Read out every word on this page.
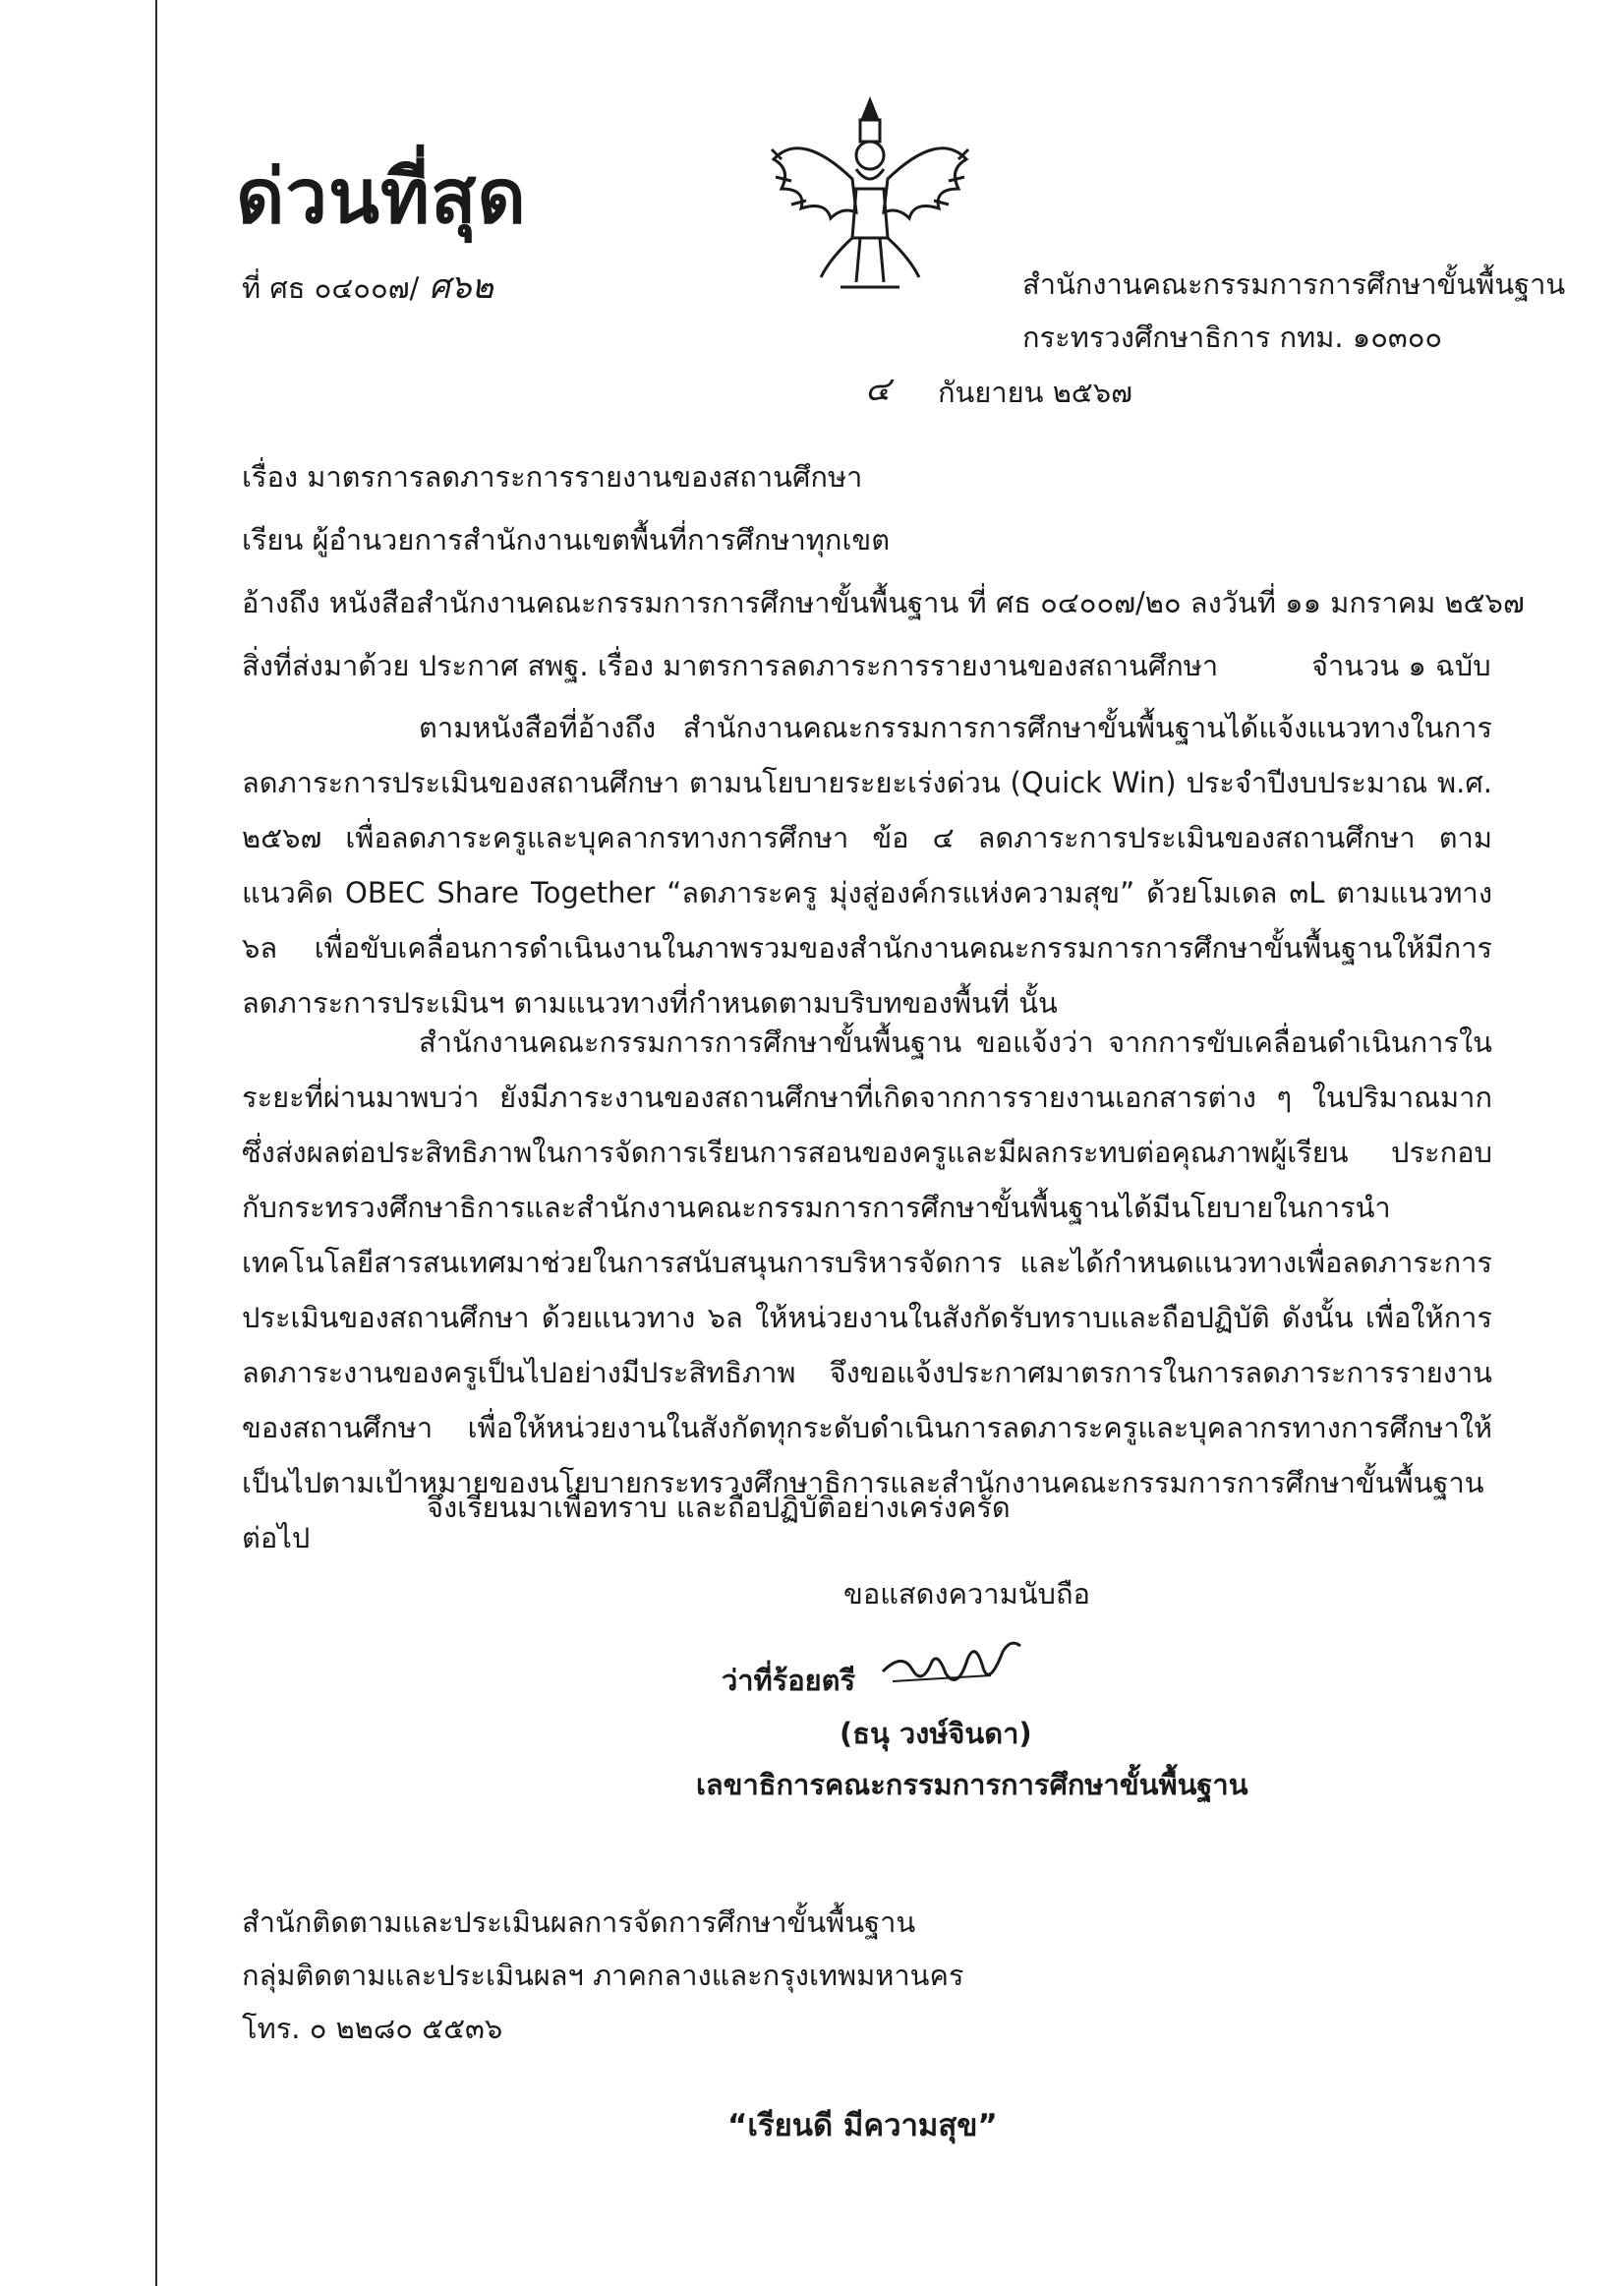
ด่วนที่สุด
ที่ ศธ ๐๔๐๐๗/ ศ๖๒	สำนักงานคณะกรรมการการศึกษาขั้นพื้นฐาน
กระทรวงศึกษาธิการ กทม. ๑๐๓๐๐
๔ กันยายน ๒๕๖๗
เรื่อง มาตรการลดภาระการรายงานของสถานศึกษา
เรียน ผู้อำนวยการสำนักงานเขตพื้นที่การศึกษาทุกเขต
อ้างถึง หนังสือสำนักงานคณะกรรมการการศึกษาขั้นพื้นฐาน ที่ ศธ ๐๔๐๐๗/๒๐ ลงวันที่ ๑๑ มกราคม ๒๕๖๗
สิ่งที่ส่งมาด้วย ประกาศ สพฐ. เรื่อง มาตรการลดภาระการรายงานของสถานศึกษา	จำนวน ๑ ฉบับ

ตามหนังสือที่อ้างถึง สำนักงานคณะกรรมการการศึกษาขั้นพื้นฐานได้แจ้งแนวทางในการลดภาระการประเมินของสถานศึกษา ตามนโยบายระยะเร่งด่วน (Quick Win) ประจำปีงบประมาณ พ.ศ. ๒๕๖๗ เพื่อลดภาระครูและบุคลากรทางการศึกษา ข้อ ๔ ลดภาระการประเมินของสถานศึกษา ตามแนวคิด OBEC Share Together “ลดภาระครู มุ่งสู่องค์กรแห่งความสุข” ด้วยโมเดล ๓L ตามแนวทาง ๖ล เพื่อขับเคลื่อนการดำเนินงานในภาพรวมของสำนักงานคณะกรรมการการศึกษาขั้นพื้นฐานให้มีการลดภาระการประเมินฯ ตามแนวทางที่กำหนดตามบริบทของพื้นที่ นั้น

สำนักงานคณะกรรมการการศึกษาขั้นพื้นฐาน ขอแจ้งว่า จากการขับเคลื่อนดำเนินการในระยะที่ผ่านมาพบว่า ยังมีภาระงานของสถานศึกษาที่เกิดจากการรายงานเอกสารต่าง ๆ ในปริมาณมาก ซึ่งส่งผลต่อประสิทธิภาพในการจัดการเรียนการสอนของครูและมีผลกระทบต่อคุณภาพผู้เรียน ประกอบกับกระทรวงศึกษาธิการและสำนักงานคณะกรรมการการศึกษาขั้นพื้นฐานได้มีนโยบายในการนำเทคโนโลยีสารสนเทศมาช่วยในการสนับสนุนการบริหารจัดการ และได้กำหนดแนวทางเพื่อลดภาระการประเมินของสถานศึกษา ด้วยแนวทาง ๖ล ให้หน่วยงานในสังกัดรับทราบและถือปฏิบัติ ดังนั้น เพื่อให้การลดภาระงานของครูเป็นไปอย่างมีประสิทธิภาพ จึงขอแจ้งประกาศมาตรการในการลดภาระการรายงานของสถานศึกษา เพื่อให้หน่วยงานในสังกัดทุกระดับดำเนินการลดภาระครูและบุคลากรทางการศึกษาให้เป็นไปตามเป้าหมายของนโยบายกระทรวงศึกษาธิการและสำนักงานคณะกรรมการการศึกษาขั้นพื้นฐานต่อไป

จึงเรียนมาเพื่อทราบ และถือปฏิบัติอย่างเคร่งครัด
ขอแสดงความนับถือ
ว่าที่ร้อยตรี
(ธนุ วงษ์จินดา)
เลขาธิการคณะกรรมการการศึกษาขั้นพื้นฐาน
สำนักติดตามและประเมินผลการจัดการศึกษาขั้นพื้นฐาน
กลุ่มติดตามและประเมินผลฯ ภาคกลางและกรุงเทพมหานคร
โทร. ๐ ๒๒๘๐ ๕๕๓๖
“เรียนดี มีความสุข”
